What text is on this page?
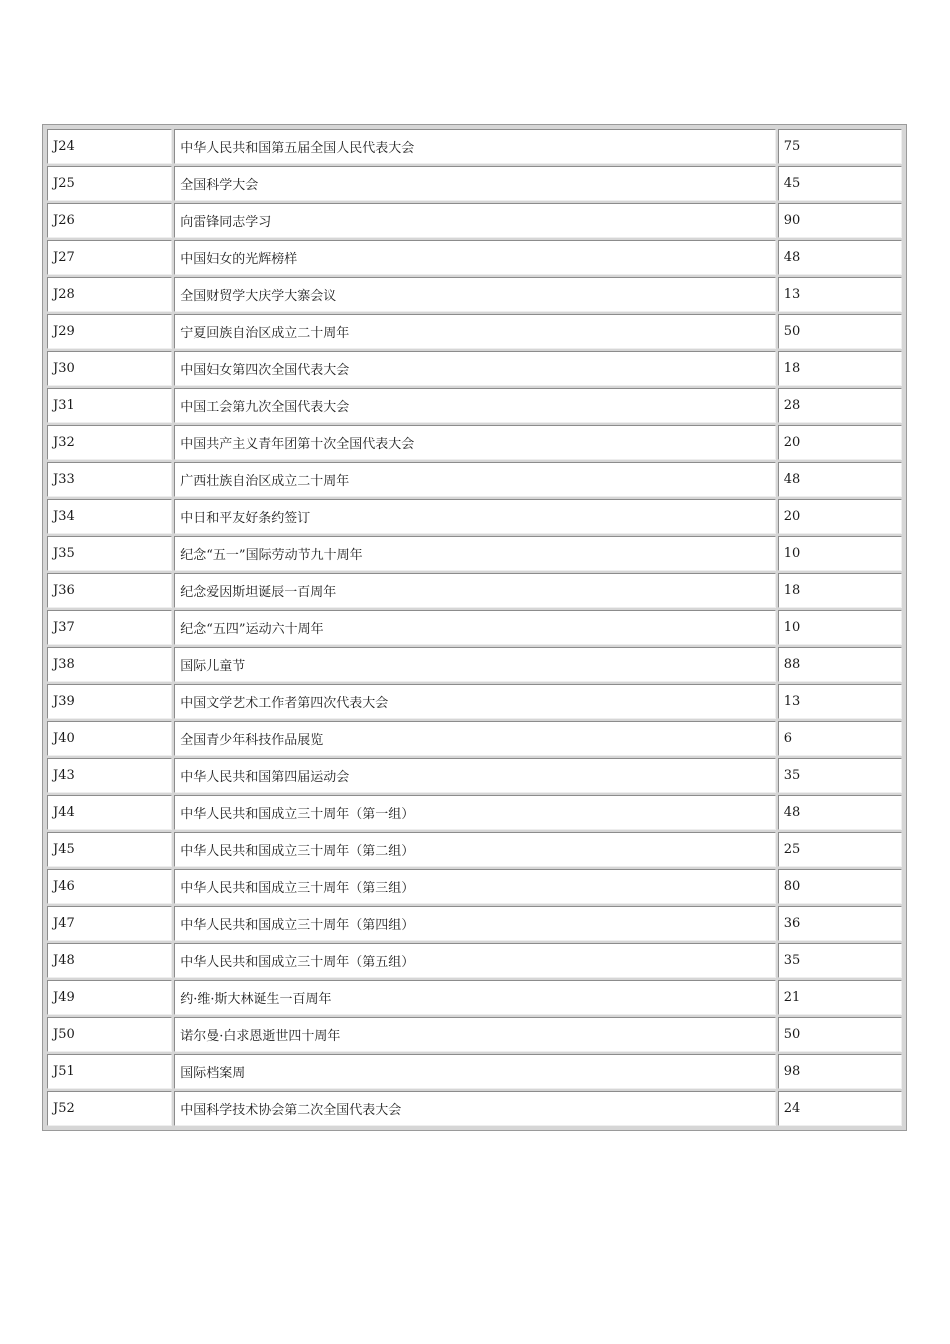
J24	中华人民共和国第五届全国人民代表大会	75
J25	全国科学大会	45
J26	向雷锋同志学习	90
J27	中国妇女的光辉榜样	48
J28	全国财贸学大庆学大寨会议	13
J29	宁夏回族自治区成立二十周年	50
J30	中国妇女第四次全国代表大会	18
J31	中国工会第九次全国代表大会	28
J32	中国共产主义青年团第十次全国代表大会	20
J33	广西壮族自治区成立二十周年	48
J34	中日和平友好条约签订	20
J35	纪念“五一”国际劳动节九十周年	10
J36	纪念爱因斯坦诞辰一百周年	18
J37	纪念“五四”运动六十周年	10
J38	国际儿童节	88
J39	中国文学艺术工作者第四次代表大会	13
J40	全国青少年科技作品展览	6
J43	中华人民共和国第四届运动会	35
J44	中华人民共和国成立三十周年（第一组）	48
J45	中华人民共和国成立三十周年（第二组）	25
J46	中华人民共和国成立三十周年（第三组）	80
J47	中华人民共和国成立三十周年（第四组）	36
J48	中华人民共和国成立三十周年（第五组）	35
J49	约·维·斯大林诞生一百周年	21
J50	诺尔曼·白求恩逝世四十周年	50
J51	国际档案周	98
J52	中国科学技术协会第二次全国代表大会	24
